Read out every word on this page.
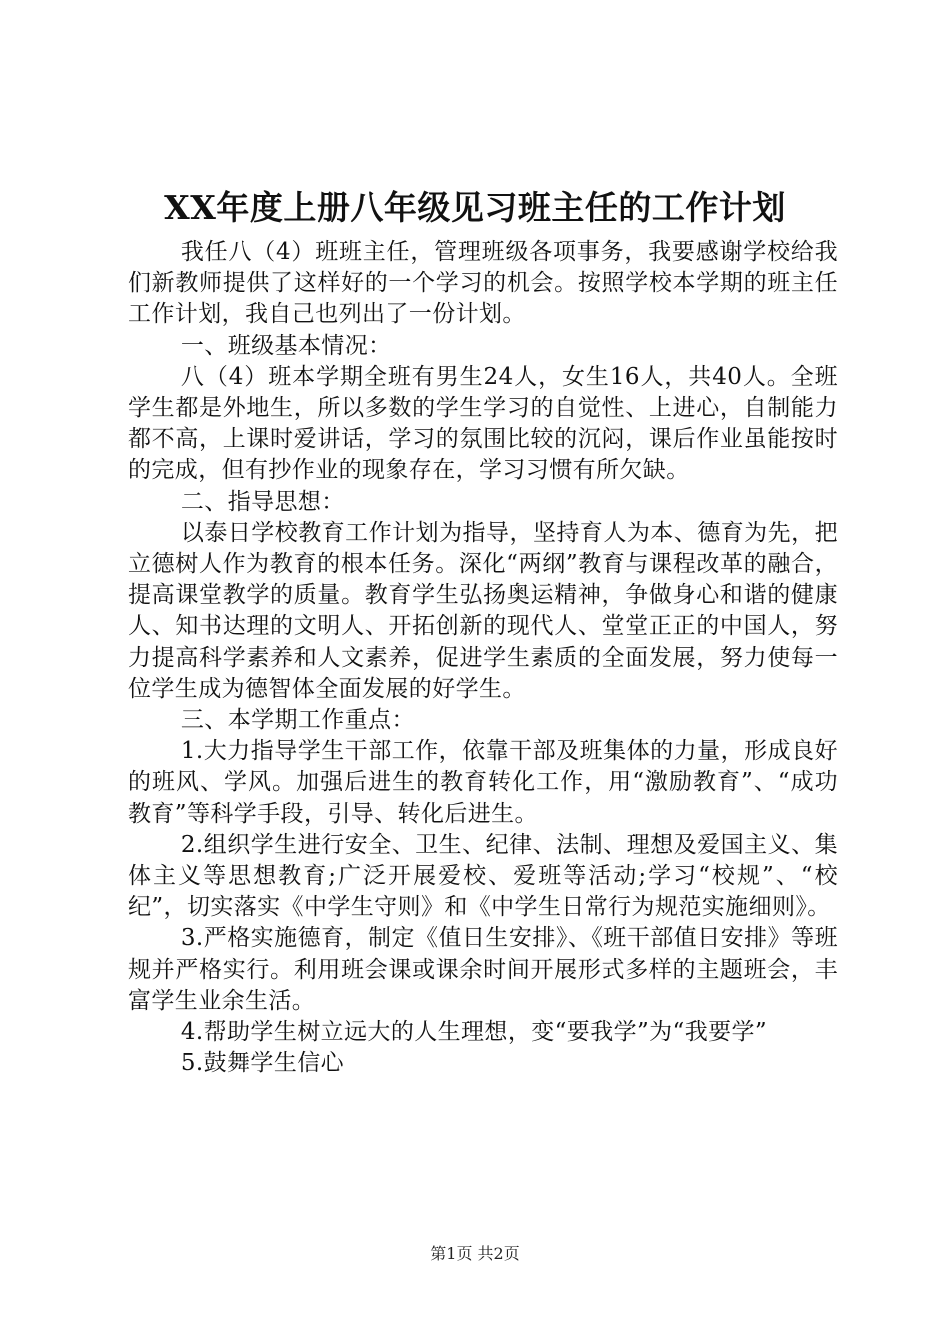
XX年度上册八年级见习班主任的工作计划

我任八（4）班班主任，管理班级各项事务，我要感谢学校给我们新教师提供了这样好的一个学习的机会。按照学校本学期的班主任工作计划，我自己也列出了一份计划。

一、班级基本情况：

八（4）班本学期全班有男生24人，女生16人，共40人。全班学生都是外地生，所以多数的学生学习的自觉性、上进心，自制能力都不高，上课时爱讲话，学习的氛围比较的沉闷，课后作业虽能按时的完成，但有抄作业的现象存在，学习习惯有所欠缺。

二、指导思想：

以泰日学校教育工作计划为指导，坚持育人为本、德育为先，把立德树人作为教育的根本任务。深化“两纲”教育与课程改革的融合，提高课堂教学的质量。教育学生弘扬奥运精神，争做身心和谐的健康人、知书达理的文明人、开拓创新的现代人、堂堂正正的中国人，努力提高科学素养和人文素养，促进学生素质的全面发展，努力使每一位学生成为德智体全面发展的好学生。

三、本学期工作重点：

1.大力指导学生干部工作，依靠干部及班集体的力量，形成良好的班风、学风。加强后进生的教育转化工作，用“激励教育”、“成功教育”等科学手段，引导、转化后进生。

2.组织学生进行安全、卫生、纪律、法制、理想及爱国主义、集体主义等思想教育;广泛开展爱校、爱班等活动;学习“校规”、“校纪”，切实落实《中学生守则》和《中学生日常行为规范实施细则》。

3.严格实施德育，制定《值日生安排》、《班干部值日安排》等班规并严格实行。利用班会课或课余时间开展形式多样的主题班会，丰富学生业余生活。

4.帮助学生树立远大的人生理想，变“要我学”为“我要学”

5.鼓舞学生信心

第1页 共2页
